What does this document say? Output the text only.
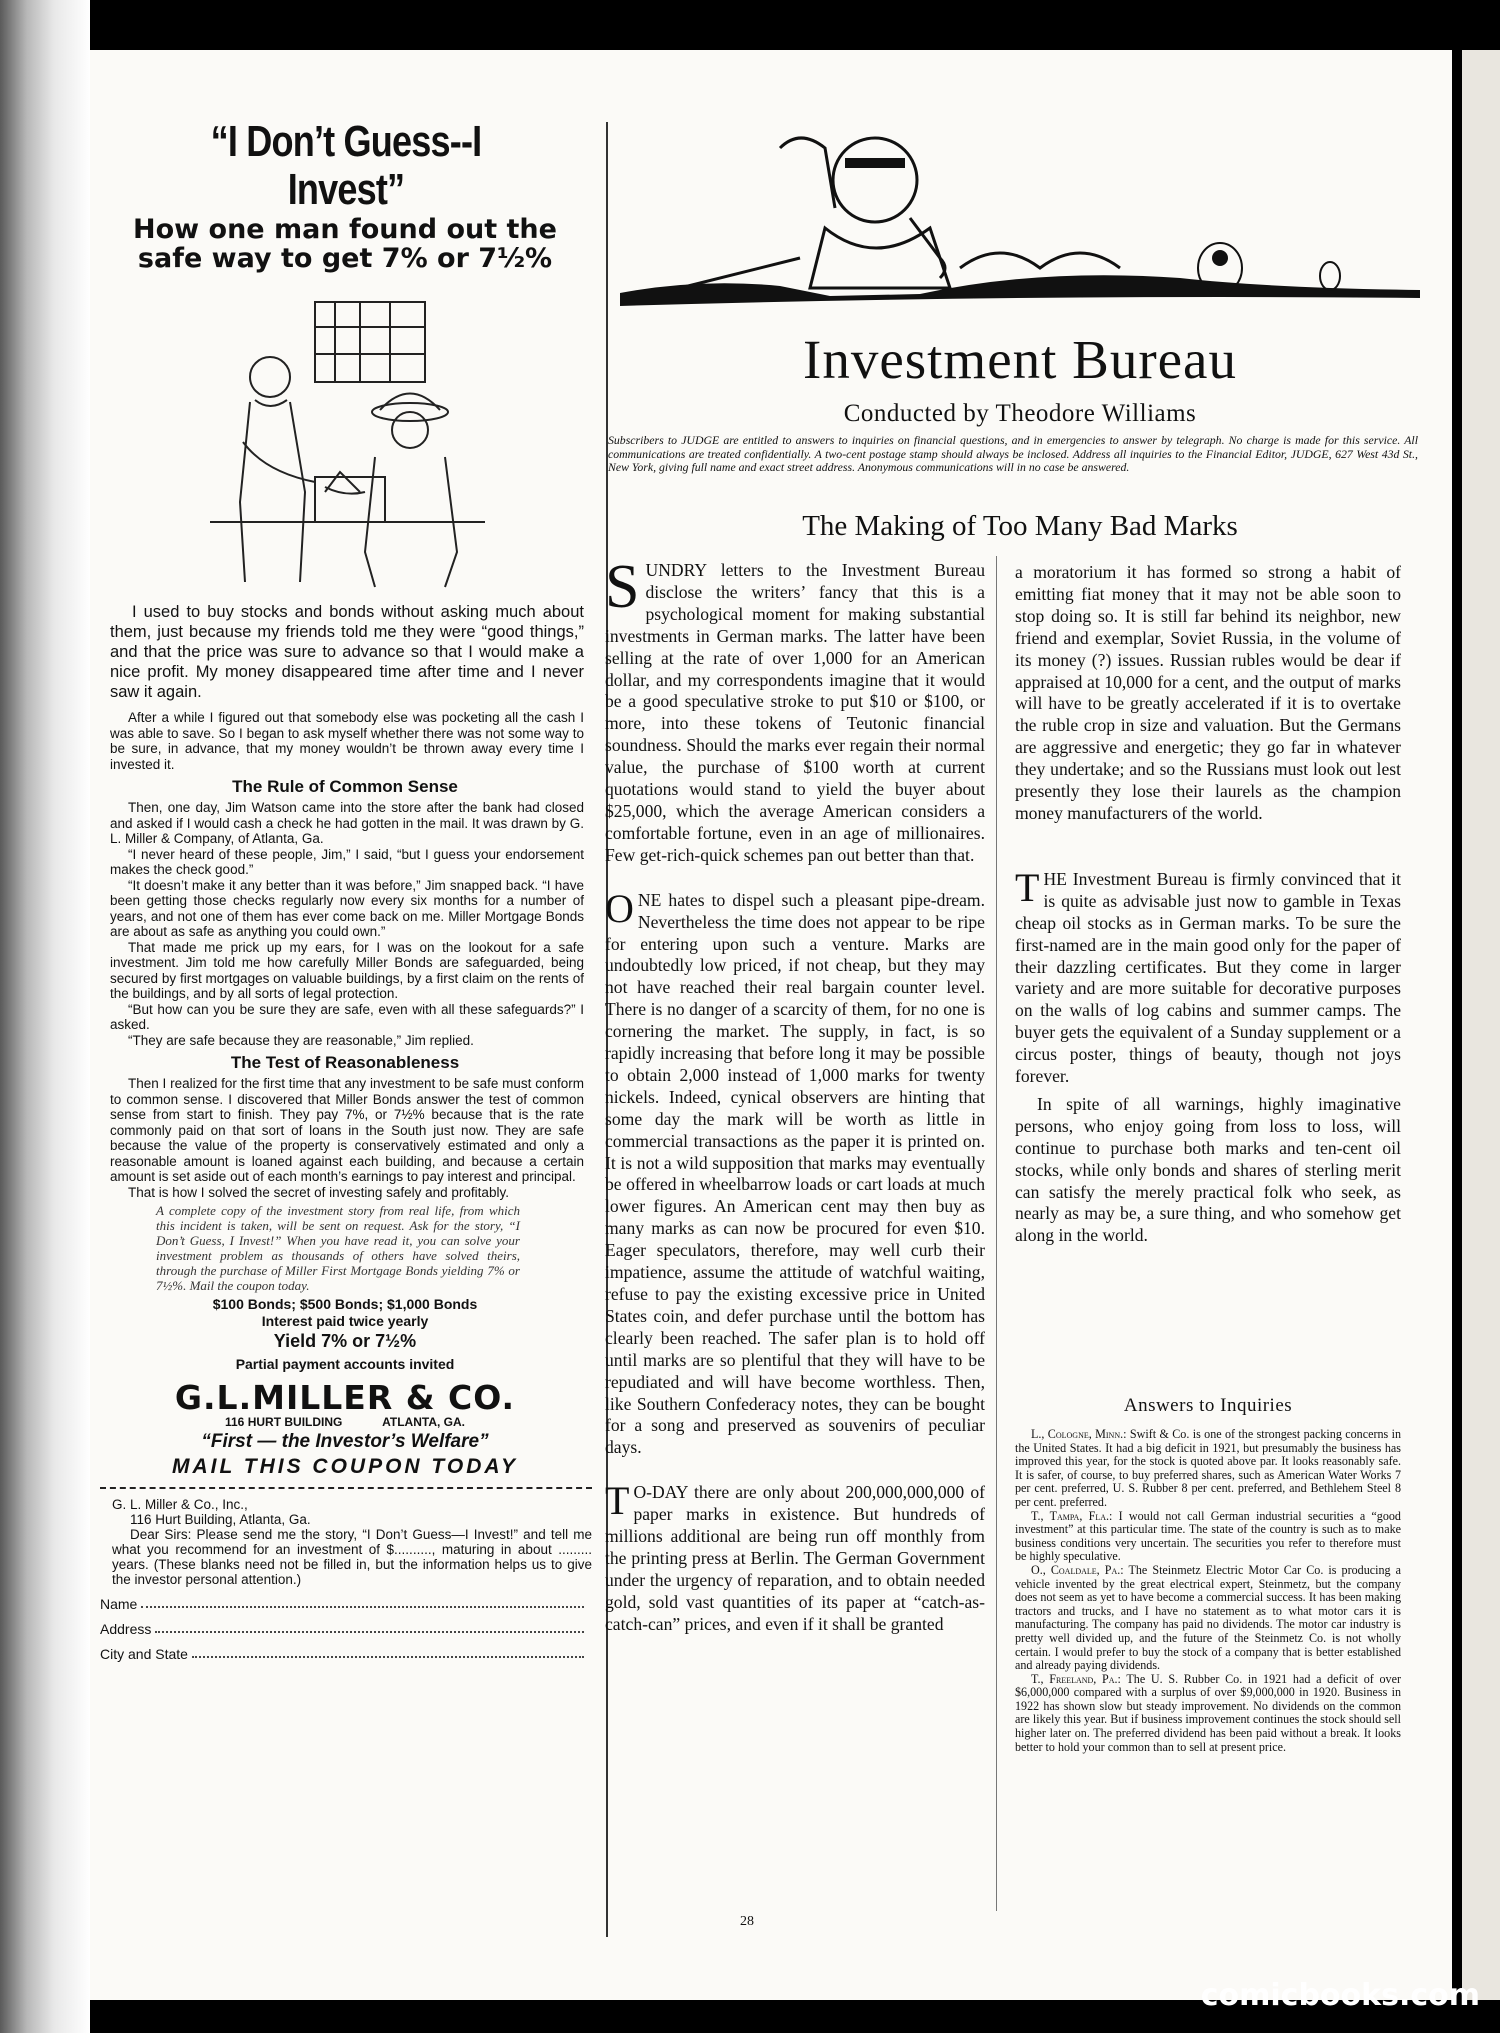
“I Don’t Guess--I Invest”
How one man found out the
safe way to get 7% or 7½%

I used to buy stocks and bonds without asking much about them, just because my friends told me they were “good things,” and that the price was sure to advance so that I would make a nice profit. My money disappeared time after time and I never saw it again.

After a while I figured out that somebody else was pocketing all the cash I was able to save. So I began to ask myself whether there was not some way to be sure, in advance, that my money wouldn’t be thrown away every time I invested it.

The Rule of Common Sense

Then, one day, Jim Watson came into the store after the bank had closed and asked if I would cash a check he had gotten in the mail. It was drawn by G. L. Miller & Company, of Atlanta, Ga.

“I never heard of these people, Jim,” I said, “but I guess your endorsement makes the check good.”

“It doesn’t make it any better than it was before,” Jim snapped back. “I have been getting those checks regularly now every six months for a number of years, and not one of them has ever come back on me. Miller Mortgage Bonds are about as safe as anything you could own.”

That made me prick up my ears, for I was on the lookout for a safe investment. Jim told me how carefully Miller Bonds are safeguarded, being secured by first mortgages on valuable buildings, by a first claim on the rents of the buildings, and by all sorts of legal protection.

“But how can you be sure they are safe, even with all these safeguards?” I asked.

“They are safe because they are reasonable,” Jim replied.

The Test of Reasonableness

Then I realized for the first time that any investment to be safe must conform to common sense. I discovered that Miller Bonds answer the test of common sense from start to finish. They pay 7%, or 7½% because that is the rate commonly paid on that sort of loans in the South just now. They are safe because the value of the property is conservatively estimated and only a reasonable amount is loaned against each building, and because a certain amount is set aside out of each month’s earnings to pay interest and principal.

That is how I solved the secret of investing safely and profitably.

A complete copy of the investment story from real life, from which this incident is taken, will be sent on request. Ask for the story, “I Don’t Guess, I Invest!” When you have read it, you can solve your investment problem as thousands of others have solved theirs, through the purchase of Miller First Mortgage Bonds yielding 7% or 7½%. Mail the coupon today.
$100 Bonds; $500 Bonds; $1,000 Bonds
Interest paid twice yearly
Yield 7% or 7½%
Partial payment accounts invited
G.L.MILLER & CO.
116 HURT BUILDING	ATLANTA, GA.
“First — the Investor’s Welfare”
MAIL THIS COUPON TODAY
G. L. Miller & Co., Inc.,
116 Hurt Building, Atlanta, Ga.
Dear Sirs: Please send me the story, “I Don’t Guess—I Invest!” and tell me what you recommend for an investment of $.........., maturing in about ......... years. (These blanks need not be filled in, but the information helps us to give the investor personal attention.)
Name
Address
City and State
Investment Bureau
Conducted by Theodore Williams
Subscribers to JUDGE are entitled to answers to inquiries on financial questions, and in emergencies to answer by telegraph. No charge is made for this service. All communications are treated confidentially. A two-cent postage stamp should always be inclosed. Address all inquiries to the Financial Editor, JUDGE, 627 West 43d St., New York, giving full name and exact street address. Anonymous communications will in no case be answered.
The Making of Too Many Bad Marks

SUNDRY letters to the Investment Bureau disclose the writers’ fancy that this is a psychological moment for making substantial investments in German marks. The latter have been selling at the rate of over 1,000 for an American dollar, and my correspondents imagine that it would be a good speculative stroke to put $10 or $100, or more, into these tokens of Teutonic financial soundness. Should the marks ever regain their normal value, the purchase of $100 worth at current quotations would stand to yield the buyer about $25,000, which the average American considers a comfortable fortune, even in an age of millionaires. Few get-rich-quick schemes pan out better than that.

ONE hates to dispel such a pleasant pipe-dream. Nevertheless the time does not appear to be ripe for entering upon such a venture. Marks are undoubtedly low priced, if not cheap, but they may not have reached their real bargain counter level. There is no danger of a scarcity of them, for no one is cornering the market. The supply, in fact, is so rapidly increasing that before long it may be possible to obtain 2,000 instead of 1,000 marks for twenty nickels. Indeed, cynical observers are hinting that some day the mark will be worth as little in commercial transactions as the paper it is printed on. It is not a wild supposition that marks may eventually be offered in wheelbarrow loads or cart loads at much lower figures. An American cent may then buy as many marks as can now be procured for even $10. Eager speculators, therefore, may well curb their impatience, assume the attitude of watchful waiting, refuse to pay the existing excessive price in United States coin, and defer purchase until the bottom has clearly been reached. The safer plan is to hold off until marks are so plentiful that they will have to be repudiated and will have become worthless. Then, like Southern Confederacy notes, they can be bought for a song and preserved as souvenirs of peculiar days.

T O-DAY there are only about 200,000,000,000 of paper marks in existence. But hundreds of millions additional are being run off monthly from the printing press at Berlin. The German Government under the urgency of reparation, and to obtain needed gold, sold vast quantities of its paper at “catch-as-catch-can” prices, and even if it shall be granted

a moratorium it has formed so strong a habit of emitting fiat money that it may not be able soon to stop doing so. It is still far behind its neighbor, new friend and exemplar, Soviet Russia, in the volume of its money (?) issues. Russian rubles would be dear if appraised at 10,000 for a cent, and the output of marks will have to be greatly accelerated if it is to overtake the ruble crop in size and valuation. But the Germans are aggressive and energetic; they go far in whatever they undertake; and so the Russians must look out lest presently they lose their laurels as the champion money manufacturers of the world.

THE Investment Bureau is firmly convinced that it is quite as advisable just now to gamble in Texas cheap oil stocks as in German marks. To be sure the first-named are in the main good only for the paper of their dazzling certificates. But they come in larger variety and are more suitable for decorative purposes on the walls of log cabins and summer camps. The buyer gets the equivalent of a Sunday supplement or a circus poster, things of beauty, though not joys forever.

In spite of all warnings, highly imaginative persons, who enjoy going from loss to loss, will continue to purchase both marks and ten-cent oil stocks, while only bonds and shares of sterling merit can satisfy the merely practical folk who seek, as nearly as may be, a sure thing, and who somehow get along in the world.

Answers to Inquiries

L., Cologne, Minn.: Swift & Co. is one of the strongest packing concerns in the United States. It had a big deficit in 1921, but presumably the business has improved this year, for the stock is quoted above par. It looks reasonably safe. It is safer, of course, to buy preferred shares, such as American Water Works 7 per cent. preferred, U. S. Rubber 8 per cent. preferred, and Bethlehem Steel 8 per cent. preferred.

T., Tampa, Fla.: I would not call German industrial securities a “good investment” at this particular time. The state of the country is such as to make business conditions very uncertain. The securities you refer to therefore must be highly speculative.

O., Coaldale, Pa.: The Steinmetz Electric Motor Car Co. is producing a vehicle invented by the great electrical expert, Steinmetz, but the company does not seem as yet to have become a commercial success. It has been making tractors and trucks, and I have no statement as to what motor cars it is manufacturing. The company has paid no dividends. The motor car industry is pretty well divided up, and the future of the Steinmetz Co. is not wholly certain. I would prefer to buy the stock of a company that is better established and already paying dividends.

T., Freeland, Pa.: The U. S. Rubber Co. in 1921 had a deficit of over $6,000,000 compared with a surplus of over $9,000,000 in 1920. Business in 1922 has shown slow but steady improvement. No dividends on the common are likely this year. But if business improvement continues the stock should sell higher later on. The preferred dividend has been paid without a break. It looks better to hold your common than to sell at present price.

28
comicbooks.com
